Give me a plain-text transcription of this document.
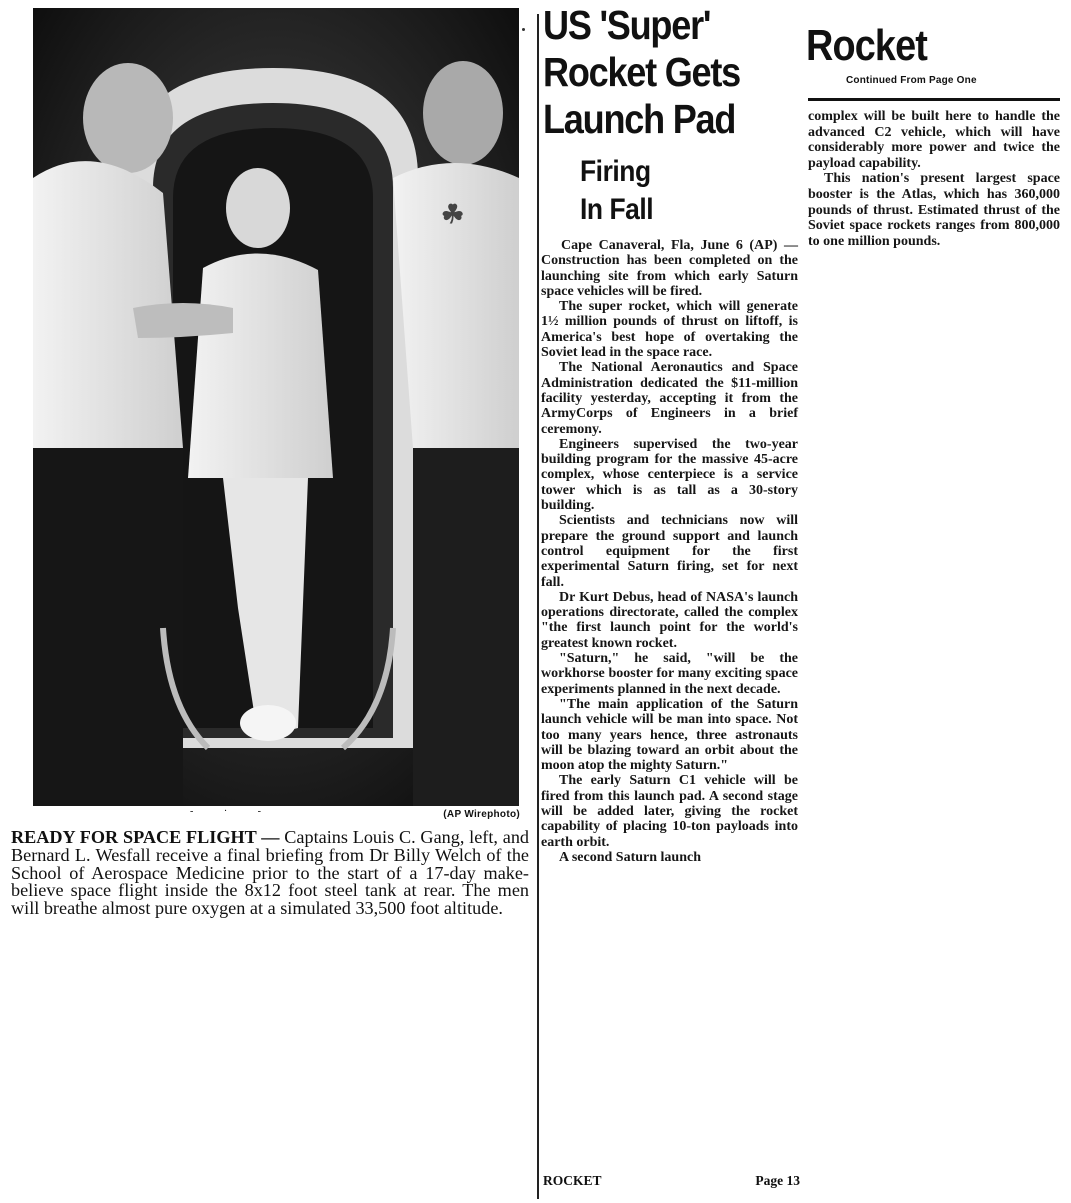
☘
- · -	(AP Wirephoto)
READY FOR SPACE FLIGHT — Captains Louis C. Gang, left, and Bernard L. Wesfall receive a final briefing from Dr Billy Welch of the School of Aerospace Medicine prior to the start of a 17-day make-believe space flight inside the 8x12 foot steel tank at rear. The men will breathe almost pure oxygen at a simulated 33,500 foot altitude.
US 'Super'
Rocket Gets
Launch Pad
Firing
In Fall

Cape Canaveral, Fla, June 6 (AP) — Construction has been completed on the launching site from which early Saturn space vehicles will be fired.

The super rocket, which will generate 1½ million pounds of thrust on liftoff, is America's best hope of overtaking the Soviet lead in the space race.

The National Aeronautics and Space Administration dedicated the $11-million facility yesterday, accepting it from the ArmyCorps of Engineers in a brief ceremony.

Engineers supervised the two-year building program for the massive 45-acre complex, whose centerpiece is a service tower which is as tall as a 30-story building.

Scientists and technicians now will prepare the ground support and launch control equipment for the first experimental Saturn firing, set for next fall.

Dr Kurt Debus, head of NASA's launch operations directorate, called the complex "the first launch point for the world's greatest known rocket.

"Saturn," he said, "will be the workhorse booster for many exciting space experiments planned in the next decade.

"The main application of the Saturn launch vehicle will be man into space. Not too many years hence, three astronauts will be blazing toward an orbit about the moon atop the mighty Saturn."

The early Saturn C1 vehicle will be fired from this launch pad. A second stage will be added later, giving the rocket capability of placing 10-ton payloads into earth orbit.

A second Saturn launch

ROCKET	Page 13
Rocket
Continued From Page One

complex will be built here to handle the advanced C2 vehicle, which will have considerably more power and twice the payload capability.

This nation's present largest space booster is the Atlas, which has 360,000 pounds of thrust. Estimated thrust of the Soviet space rockets ranges from 800,000 to one million pounds.
